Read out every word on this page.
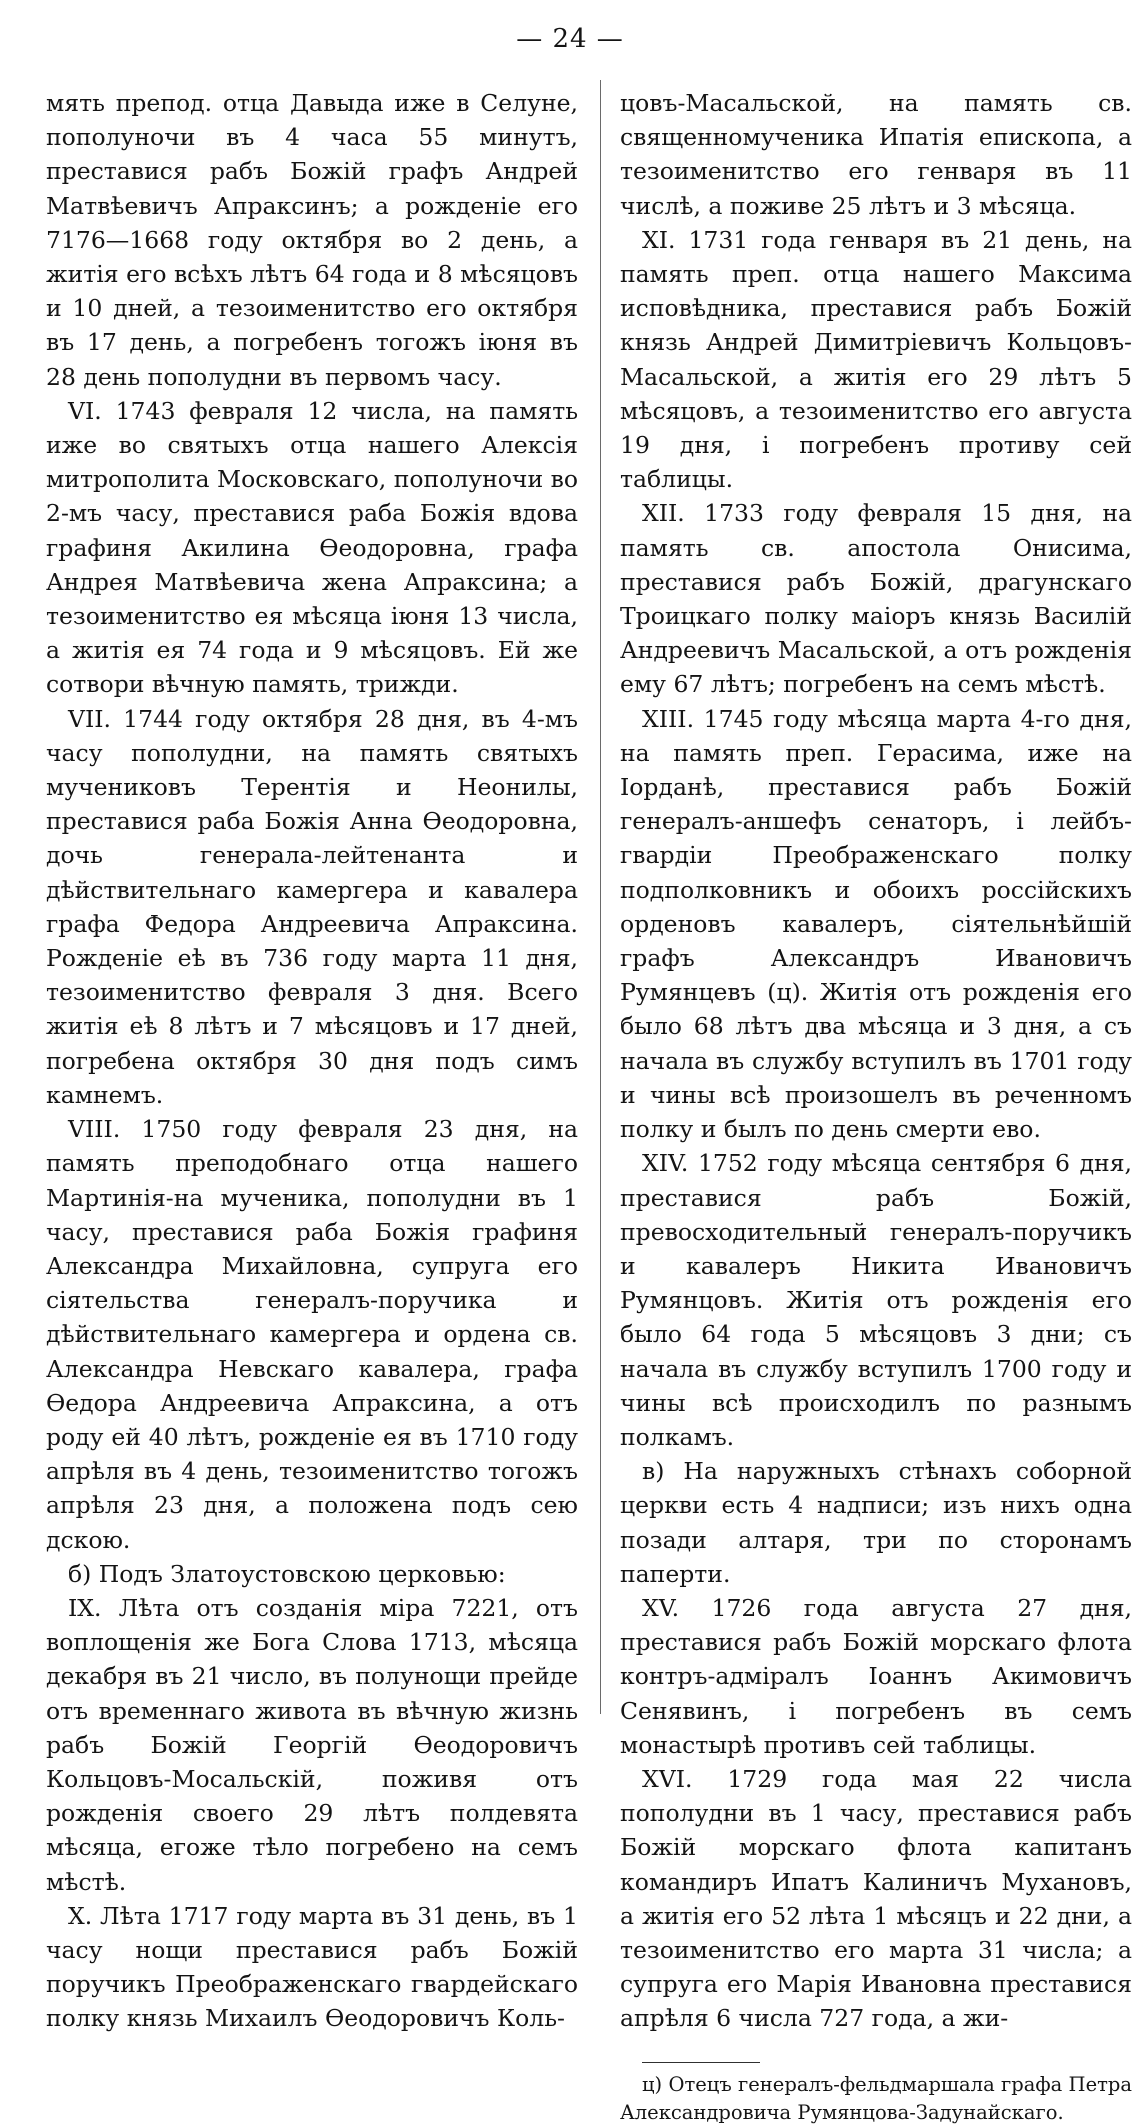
— 24 —

мять препод. отца Давыда иже в Селуне, пополуночи въ 4 часа 55 минутъ, преставися рабъ Божій графъ Андрей Матвѣевичъ Апраксинъ; а рожденіе его 7176—1668 году октября во 2 день, а житія его всѣхъ лѣтъ 64 года и 8 мѣсяцовъ и 10 дней, а тезоименитство его октября въ 17 день, а погребенъ тогожъ іюня въ 28 день пополудни въ первомъ часу.

VI. 1743 февраля 12 числа, на память иже во святыхъ отца нашего Алексія митрополита Московскаго, пополуночи во 2-мъ часу, преставися раба Божія вдова графиня Акилина Ѳеодоровна, графа Андрея Матвѣевича жена Апраксина; а тезоименитство ея мѣсяца іюня 13 числа, а житія ея 74 года и 9 мѣсяцовъ. Ей же сотвори вѣчную память, трижди.

VII. 1744 году октября 28 дня, въ 4-мъ часу пополудни, на память святыхъ мучениковъ Терентія и Неонилы, преставися раба Божія Анна Ѳеодоровна, дочь генерала-лейтенанта и дѣйствительнаго камергера и кавалера графа Федора Андреевича Апраксина. Рожденіе еѣ въ 736 году марта 11 дня, тезоименитство февраля 3 дня. Всего житія еѣ 8 лѣтъ и 7 мѣсяцовъ и 17 дней, погребена октября 30 дня подъ симъ камнемъ.

VIII. 1750 году февраля 23 дня, на память преподобнаго отца нашего Мартинія-на мученика, пополудни въ 1 часу, преставися раба Божія графиня Александра Михайловна, супруга его сіятельства генералъ-поручика и дѣйствительнаго камергера и ордена св. Александра Невскаго кавалера, графа Ѳедора Андреевича Апраксина, а отъ роду ей 40 лѣтъ, рожденіе ея въ 1710 году апрѣля въ 4 день, тезоименитство тогожъ апрѣля 23 дня, а положена подъ сею дскою.

б) Подъ Златоустовскою церковью:

IX. Лѣта отъ созданія міра 7221, отъ воплощенія же Бога Слова 1713, мѣсяца декабря въ 21 число, въ полунощи прейде отъ временнаго живота въ вѣчную жизнь рабъ Божій Георгій Ѳеодоровичъ Кольцовъ-Мосальскій, поживя отъ рожденія своего 29 лѣтъ полдевята мѣсяца, егоже тѣло погребено на семъ мѣстѣ.

X. Лѣта 1717 году марта въ 31 день, въ 1 часу нощи преставися рабъ Божій поручикъ Преображенскаго гвардейскаго полку князь Михаилъ Ѳеодоровичъ Коль-

цовъ-Масальской, на память св. священномученика Ипатія епископа, а тезоименитство его генваря въ 11 числѣ, а поживе 25 лѣтъ и 3 мѣсяца.

XI. 1731 года генваря въ 21 день, на память преп. отца нашего Максима исповѣдника, преставися рабъ Божій князь Андрей Димитріевичъ Кольцовъ-Масальской, а житія его 29 лѣтъ 5 мѣсяцовъ, а тезоименитство его августа 19 дня, і погребенъ противу сей таблицы.

XII. 1733 году февраля 15 дня, на память св. апостола Онисима, преставися рабъ Божій, драгунскаго Троицкаго полку маіоръ князь Василій Андреевичъ Масальской, а отъ рожденія ему 67 лѣтъ; погребенъ на семъ мѣстѣ.

XIII. 1745 году мѣсяца марта 4-го дня, на память преп. Герасима, иже на Іорданѣ, преставися рабъ Божій генералъ-аншефъ сенаторъ, і лейбъ-гвардіи Преображенскаго полку подполковникъ и обоихъ россійскихъ орденовъ кавалеръ, сіятельнѣйшій графъ Александръ Ивановичъ Румянцевъ (ц). Житія отъ рожденія его было 68 лѣтъ два мѣсяца и 3 дня, а съ начала въ службу вступилъ въ 1701 году и чины всѣ произошелъ въ реченномъ полку и былъ по день смерти ево.

XIV. 1752 году мѣсяца сентября 6 дня, преставися рабъ Божій, превосходительный генералъ-поручикъ и кавалеръ Никита Ивановичъ Румянцовъ. Житія отъ рожденія его было 64 года 5 мѣсяцовъ 3 дни; съ начала въ службу вступилъ 1700 году и чины всѣ происходилъ по разнымъ полкамъ.

в) На наружныхъ стѣнахъ соборной церкви есть 4 надписи; изъ нихъ одна позади алтаря, три по сторонамъ паперти.

XV. 1726 года августа 27 дня, преставися рабъ Божій морскаго флота контръ-адміралъ Іоаннъ Акимовичъ Сенявинъ, і погребенъ въ семъ монастырѣ противъ сей таблицы.

XVI. 1729 года мая 22 числа пополудни въ 1 часу, преставися рабъ Божій морскаго флота капитанъ командиръ Ипатъ Калиничъ Мухановъ, а житія его 52 лѣта 1 мѣсяцъ и 22 дни, а тезоименитство его марта 31 числа; а супруга его Марія Ивановна преставися апрѣля 6 числа 727 года, а жи-

ц) Отецъ генералъ-фельдмаршала графа Петра Александровича Румянцова-Задунайскаго.
